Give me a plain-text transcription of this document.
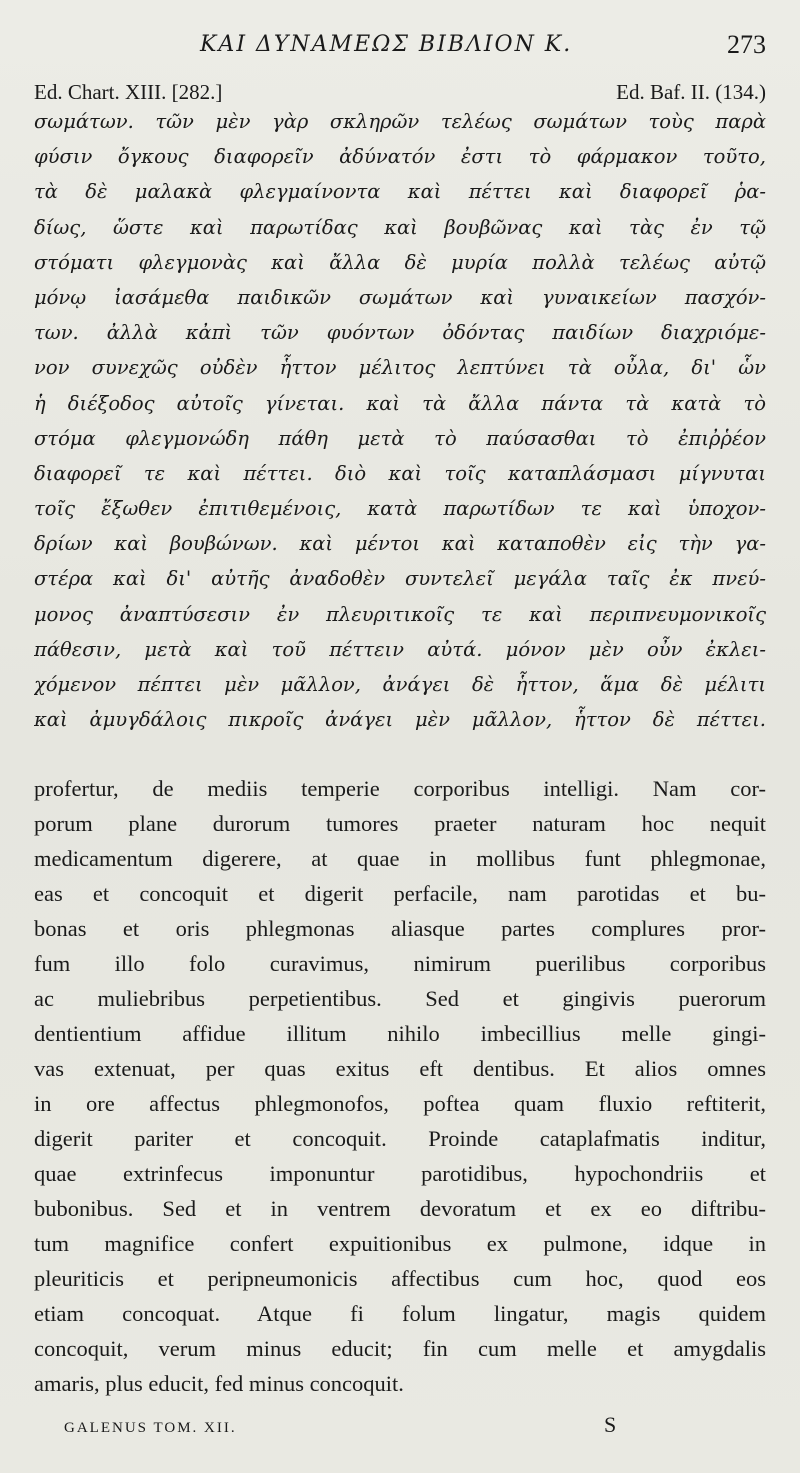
ΚΑΙ ΔΥΝΑΜΕΩΣ ΒΙΒΛΙΟΝ Κ.	273
Ed. Chart. XIII. [282.]	Ed. Baf. II. (134.)
σωμάτων. τῶν μὲν γὰρ σκληρῶν τελέως σωμάτων τοὺς παρὰ
φύσιν ὄγκους διαφορεῖν ἀδύνατόν ἐστι τὸ φάρμακον τοῦτο,
τὰ δὲ μαλακὰ φλεγμαίνοντα καὶ πέττει καὶ διαφορεῖ ῥα-
δίως, ὥστε καὶ παρωτίδας καὶ βουβῶνας καὶ τὰς ἐν τῷ
στόματι φλεγμονὰς καὶ ἄλλα δὲ μυρία πολλὰ τελέως αὐτῷ
μόνῳ ἰασάμεθα παιδικῶν σωμάτων καὶ γυναικείων πασχόν-
των. ἀλλὰ κἀπὶ τῶν φυόντων ὀδόντας παιδίων διαχριόμε-
νον συνεχῶς οὐδὲν ἧττον μέλιτος λεπτύνει τὰ οὖλα, δι' ὧν
ἡ διέξοδος αὐτοῖς γίνεται. καὶ τὰ ἄλλα πάντα τὰ κατὰ τὸ
στόμα φλεγμονώδη πάθη μετὰ τὸ παύσασθαι τὸ ἐπιῤῥέον
διαφορεῖ τε καὶ πέττει. διὸ καὶ τοῖς καταπλάσμασι μίγνυται
τοῖς ἔξωθεν ἐπιτιθεμένοις, κατὰ παρωτίδων τε καὶ ὑποχον-
δρίων καὶ βουβώνων. καὶ μέντοι καὶ καταποθὲν εἰς τὴν γα-
στέρα καὶ δι' αὐτῆς ἀναδοθὲν συντελεῖ μεγάλα ταῖς ἐκ πνεύ-
μονος ἀναπτύσεσιν ἐν πλευριτικοῖς τε καὶ περιπνευμονικοῖς
πάθεσιν, μετὰ καὶ τοῦ πέττειν αὐτά. μόνον μὲν οὖν ἐκλει-
χόμενον πέπτει μὲν μᾶλλον, ἀνάγει δὲ ἧττον, ἅμα δὲ μέλιτι
καὶ ἀμυγδάλοις πικροῖς ἀνάγει μὲν μᾶλλον, ἧττον δὲ πέττει.
profertur, de mediis temperie corporibus intelligi. Nam cor-
porum plane durorum tumores praeter naturam hoc nequit
medicamentum digerere, at quae in mollibus funt phlegmonae,
eas et concoquit et digerit perfacile, nam parotidas et bu-
bonas et oris phlegmonas aliasque partes complures pror-
fum illo folo curavimus, nimirum puerilibus corporibus
ac muliebribus perpetientibus. Sed et gingivis puerorum
dentientium affidue illitum nihilo imbecillius melle gingi-
vas extenuat, per quas exitus eft dentibus. Et alios omnes
in ore affectus phlegmonofos, poftea quam fluxio reftiterit,
digerit pariter et concoquit. Proinde cataplafmatis inditur,
quae extrinfecus imponuntur parotidibus, hypochondriis et
bubonibus. Sed et in ventrem devoratum et ex eo diftribu-
tum magnifice confert expuitionibus ex pulmone, idque in
pleuriticis et peripneumonicis affectibus cum hoc, quod eos
etiam concoquat. Atque fi folum lingatur, magis quidem
concoquit, verum minus educit; fin cum melle et amygdalis
amaris, plus educit, fed minus concoquit.
GALENUS TOM. XII.	S
